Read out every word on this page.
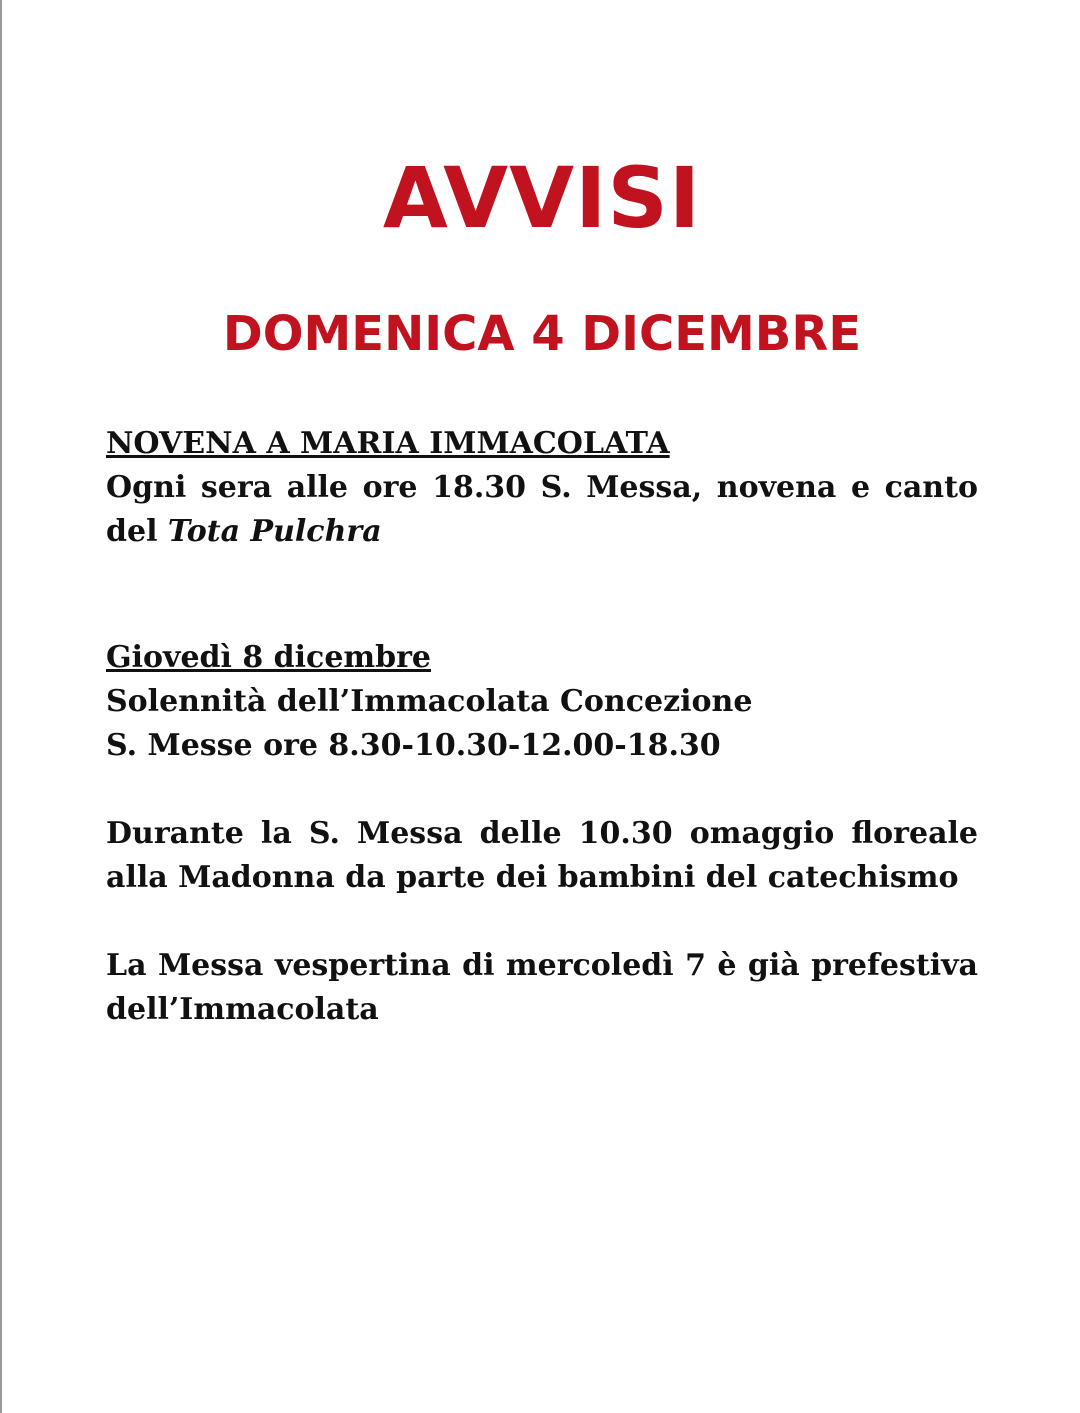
AVVISI
DOMENICA 4 DICEMBRE

NOVENA A MARIA IMMACOLATA

Ogni sera alle ore 18.30 S. Messa, novena e canto del Tota Pulchra

Giovedì 8 dicembre

Solennità dell’Immacolata Concezione

S. Messe ore 8.30-10.30-12.00-18.30

Durante la S. Messa delle 10.30 omaggio floreale alla Madonna da parte dei bambini del catechismo

La Messa vespertina di mercoledì 7 è già prefestiva dell’Immacolata
